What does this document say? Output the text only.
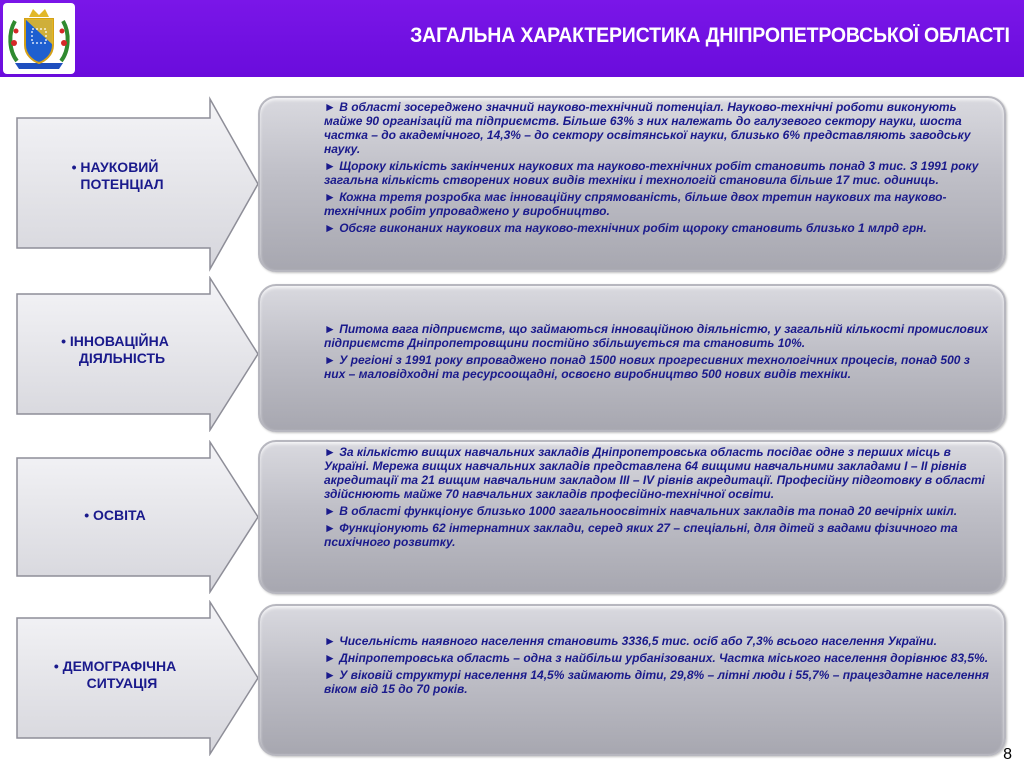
ЗАГАЛЬНА ХАРАКТЕРИСТИКА ДНІПРОПЕТРОВСЬКОЇ ОБЛАСТІ
• НАУКОВИЙ
ПОТЕНЦІАЛ

► В області зосереджено значний науково-технічний потенціал. Науково-технічні роботи виконують майже 90 організацій та підприємств. Більше 63% з них належать до галузевого сектору науки, шоста частка – до академічного, 14,3% – до сектору освітянської науки, близько 6% представляють заводську науку.

► Щороку кількість закінчених наукових та науково-технічних робіт становить понад 3 тис. З 1991 року загальна кількість створених нових видів техніки і технологій становила більше 17 тис. одиниць.

► Кожна третя розробка має інноваційну спрямованість, більше двох третин наукових та науково-технічних робіт упроваджено у виробництво.

► Обсяг виконаних наукових та науково-технічних робіт щороку становить близько 1 млрд грн.

• ІННОВАЦІЙНА
ДІЯЛЬНІСТЬ

► Питома вага підприємств, що займаються інноваційною діяльністю, у загальній кількості промислових підприємств Дніпропетровщини постійно збільшується та становить 10%.

► У регіоні з 1991 року впроваджено понад 1500 нових прогресивних технологічних процесів, понад 500 з них – маловідходні та ресурсоощадні, освоєно виробництво 500 нових видів техніки.

• ОСВІТА

► За кількістю вищих навчальних закладів Дніпропетровська область посідає одне з перших місць в Україні. Мережа вищих навчальних закладів представлена 64 вищими навчальними закладами І – ІІ рівнів акредитації та 21 вищим навчальним закладом ІІІ – IV рівнів акредитації. Професійну підготовку в області здійснюють майже 70 навчальних закладів професійно-технічної освіти.

► В області функціонує близько 1000 загальноосвітніх навчальних закладів та понад 20 вечірніх шкіл.

► Функціонують 62 інтернатних заклади, серед яких 27 – спеціальні, для дітей з вадами фізичного та психічного розвитку.

• ДЕМОГРАФІЧНА
СИТУАЦІЯ

► Чисельність наявного населення становить 3336,5 тис. осіб або 7,3% всього населення України.

► Дніпропетровська область – одна з найбільш урбанізованих. Частка міського населення дорівнює 83,5%.

► У віковій структурі населення 14,5% займають діти, 29,8% – літні люди і 55,7% – працездатне населення віком від 15 до 70 років.

8
